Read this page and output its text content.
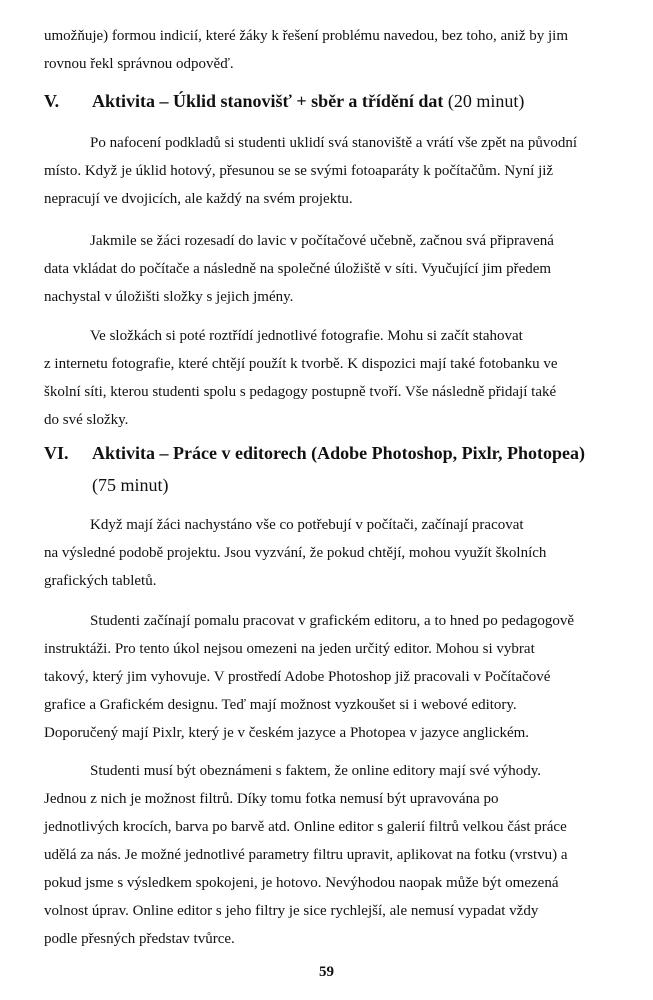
umožňuje) formou indicií, které žáky k řešení problému navedou, bez toho, aniž by jim
rovnou řekl správnou odpověď.
V. Aktivita – Úklid stanovišť + sběr a třídění dat (20 minut)
Po nafocení podkladů si studenti uklidí svá stanoviště a vrátí vše zpět na původní
místo. Když je úklid hotový, přesunou se se svými fotoaparáty k počítačům. Nyní již
nepracují ve dvojicích, ale každý na svém projektu.
Jakmile se žáci rozesadí do lavic v počítačové učebně, začnou svá připravená
data vkládat do počítače a následně na společné úložiště v síti. Vyučující jim předem
nachystal v úložišti složky s jejich jmény.
Ve složkách si poté roztřídí jednotlivé fotografie. Mohu si začít stahovat
z internetu fotografie, které chtějí použít k tvorbě. K dispozici mají také fotobanku ve
školní síti, kterou studenti spolu s pedagogy postupně tvoří. Vše následně přidají také
do své složky.
VI. Aktivita – Práce v editorech (Adobe Photoshop, Pixlr, Photopea)
(75 minut)
Když mají žáci nachystáno vše co potřebují v počítači, začínají pracovat
na výsledné podobě projektu. Jsou vyzvání, že pokud chtějí, mohou využít školních
grafických tabletů.
Studenti začínají pomalu pracovat v grafickém editoru, a to hned po pedagogově
instruktáži. Pro tento úkol nejsou omezeni na jeden určitý editor. Mohou si vybrat
takový, který jim vyhovuje. V prostředí Adobe Photoshop již pracovali v Počítačové
grafice a Grafickém designu. Teď mají možnost vyzkoušet si i webové editory.
Doporučený mají Pixlr, který je v českém jazyce a Photopea v jazyce anglickém.
Studenti musí být obeznámeni s faktem, že online editory mají své výhody.
Jednou z nich je možnost filtrů. Díky tomu fotka nemusí být upravována po
jednotlivých krocích, barva po barvě atd. Online editor s galerií filtrů velkou část práce
udělá za nás. Je možné jednotlivé parametry filtru upravit, aplikovat na fotku (vrstvu) a
pokud jsme s výsledkem spokojeni, je hotovo. Nevýhodou naopak může být omezená
volnost úprav. Online editor s jeho filtry je sice rychlejší, ale nemusí vypadat vždy
podle přesných představ tvůrce.
59
